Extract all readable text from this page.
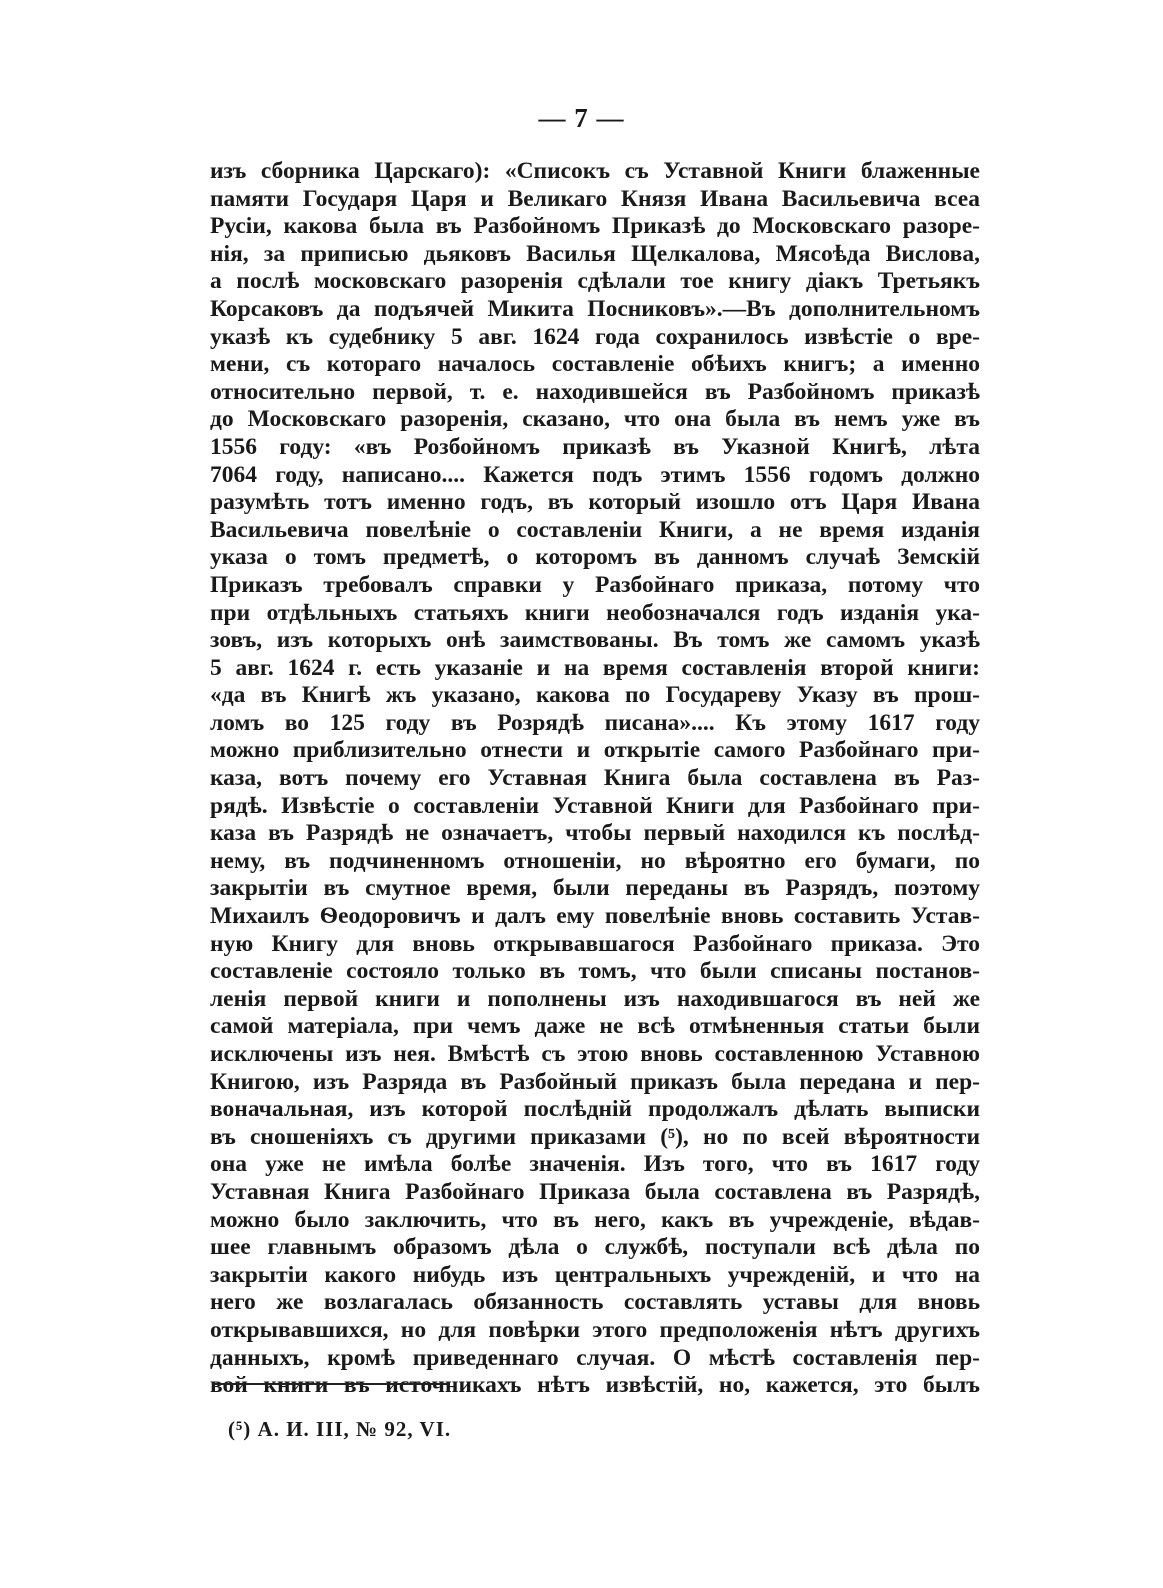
— 7 —
изъ сборника Царскаго): «Списокъ съ Уставной Книги блаженные
памяти Государя Царя и Великаго Князя Ивана Васильевича всеа
Русіи, какова была въ Разбойномъ Приказѣ до Московскаго разоре-
нія, за приписью дьяковъ Василья Щелкалова, Мясоѣда Вислова,
а послѣ московскаго разоренія сдѣлали тое книгу діакъ Третьякъ
Корсаковъ да подъячей Микита Посниковъ».—Въ дополнительномъ
указѣ къ судебнику 5 авг. 1624 года сохранилось извѣстіе о вре-
мени, съ котораго началось составленіе обѣихъ книгъ; а именно
относительно первой, т. е. находившейся въ Разбойномъ приказѣ
до Московскаго разоренія, сказано, что она была въ немъ уже въ
1556 году: «въ Розбойномъ приказѣ въ Указной Книгѣ, лѣта
7064 году, написано.... Кажется подъ этимъ 1556 годомъ должно
разумѣть тотъ именно годъ, въ который изошло отъ Царя Ивана
Васильевича повелѣніе о составленіи Книги, а не время изданія
указа о томъ предметѣ, о которомъ въ данномъ случаѣ Земскій
Приказъ требовалъ справки у Разбойнаго приказа, потому что
при отдѣльныхъ статьяхъ книги необозначался годъ изданія ука-
зовъ, изъ которыхъ онѣ заимствованы. Въ томъ же самомъ указѣ
5 авг. 1624 г. есть указаніе и на время составленія второй книги:
«да въ Книгѣ жъ указано, какова по Государеву Указу въ прош-
ломъ во 125 году въ Розрядѣ писана».... Къ этому 1617 году
можно приблизительно отнести и открытіе самого Разбойнаго при-
каза, вотъ почему его Уставная Книга была составлена въ Раз-
рядѣ. Извѣстіе о составленіи Уставной Книги для Разбойнаго при-
каза въ Разрядѣ не означаетъ, чтобы первый находился къ послѣд-
нему, въ подчиненномъ отношеніи, но вѣроятно его бумаги, по
закрытіи въ смутное время, были переданы въ Разрядъ, поэтому
Михаилъ Ѳеодоровичъ и далъ ему повелѣніе вновь составить Устав-
ную Книгу для вновь открывавшагося Разбойнаго приказа. Это
составленіе состояло только въ томъ, что были списаны постанов-
ленія первой книги и пополнены изъ находившагося въ ней же
самой матеріала, при чемъ даже не всѣ отмѣненныя статьи были
исключены изъ нея. Вмѣстѣ съ этою вновь составленною Уставною
Книгою, изъ Разряда въ Разбойный приказъ была передана и пер-
воначальная, изъ которой послѣдній продолжалъ дѣлать выписки
въ сношеніяхъ съ другими приказами (⁵), но по всей вѣроятности
она уже не имѣла болѣе значенія. Изъ того, что въ 1617 году
Уставная Книга Разбойнаго Приказа была составлена въ Разрядѣ,
можно было заключить, что въ него, какъ въ учрежденіе, вѣдав-
шее главнымъ образомъ дѣла о службѣ, поступали всѣ дѣла по
закрытіи какого нибудь изъ центральныхъ учрежденій, и что на
него же возлагалась обязанность составлять уставы для вновь
открывавшихся, но для повѣрки этого предположенія нѣтъ другихъ
данныхъ, кромѣ приведеннаго случая. О мѣстѣ составленія пер-
вой книги въ источникахъ нѣтъ извѣстій, но, кажется, это былъ
(⁵) А. И. III, № 92, VI.
